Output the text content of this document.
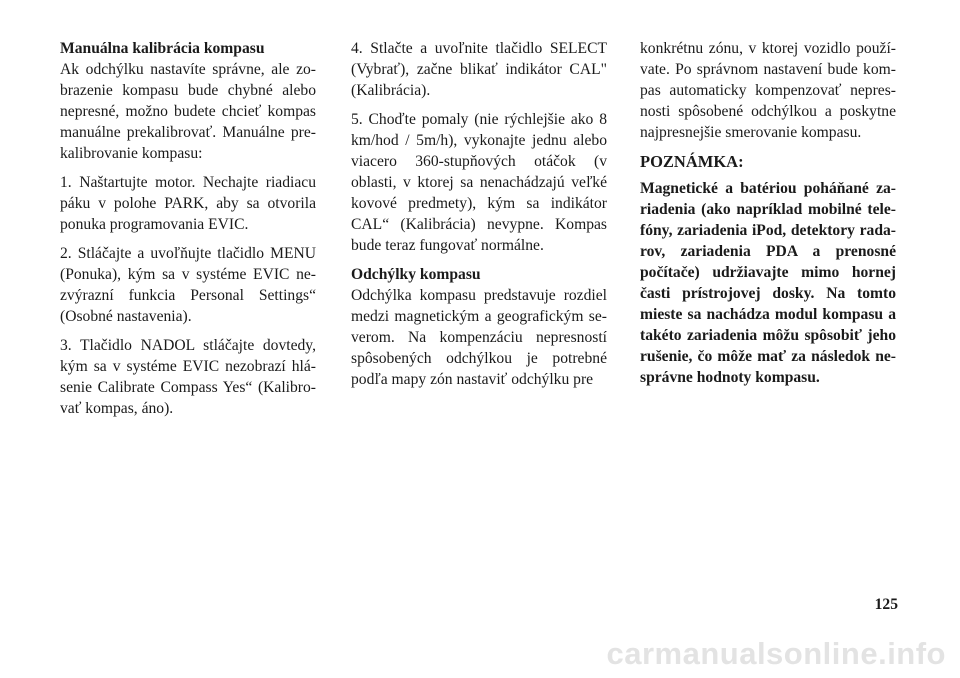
Manuálna kalibrácia kompasu

Ak odchýlku nastavíte správne, ale zobrazenie kompasu bude chybné alebo nepresné, možno budete chcieť kompas manuálne prekalibrovať. Manuálne prekalibrovanie kompasu:

1. Naštartujte motor. Nechajte riadiacu páku v polohe PARK, aby sa otvorila ponuka programovania EVIC.

2. Stláčajte a uvoľňujte tlačidlo MENU (Ponuka), kým sa v systéme EVIC nezvýrazní funkcia Personal Settings“ (Osobné nastavenia).

3. Tlačidlo NADOL stláčajte dovtedy, kým sa v systéme EVIC nezobrazí hlásenie Calibrate Compass Yes“ (Kalibrovať kompas, áno).

4. Stlačte a uvoľnite tlačidlo SELECT (Vybrať), začne blikať indikátor CAL" (Kalibrácia).

5. Choďte pomaly (nie rýchlejšie ako 8 km/hod / 5m/h), vykonajte jednu alebo viacero 360-stupňových otáčok (v oblasti, v ktorej sa nenachádzajú veľké kovové predmety), kým sa indikátor CAL“ (Kalibrácia) nevypne. Kompas bude teraz fungovať normálne.

Odchýlky kompasu

Odchýlka kompasu predstavuje rozdiel medzi magnetickým a geografickým severom. Na kompenzáciu nepresností spôsobených odchýlkou je potrebné podľa mapy zón nastaviť odchýlku pre

konkrétnu zónu, v ktorej vozidlo používate. Po správnom nastavení bude kompas automaticky kompenzovať nepresnosti spôsobené odchýlkou a poskytne najpresnejšie smerovanie kompasu.

POZNÁMKA:

Magnetické a batériou poháňané zariadenia (ako napríklad mobilné telefóny, zariadenia iPod, detektory radarov, zariadenia PDA a prenosné počítače) udržiavajte mimo hornej časti prístrojovej dosky. Na tomto mieste sa nachádza modul kompasu a takéto zariadenia môžu spôsobiť jeho rušenie, čo môže mať za následok nesprávne hodnoty kompasu.

125
carmanualsonline.info
